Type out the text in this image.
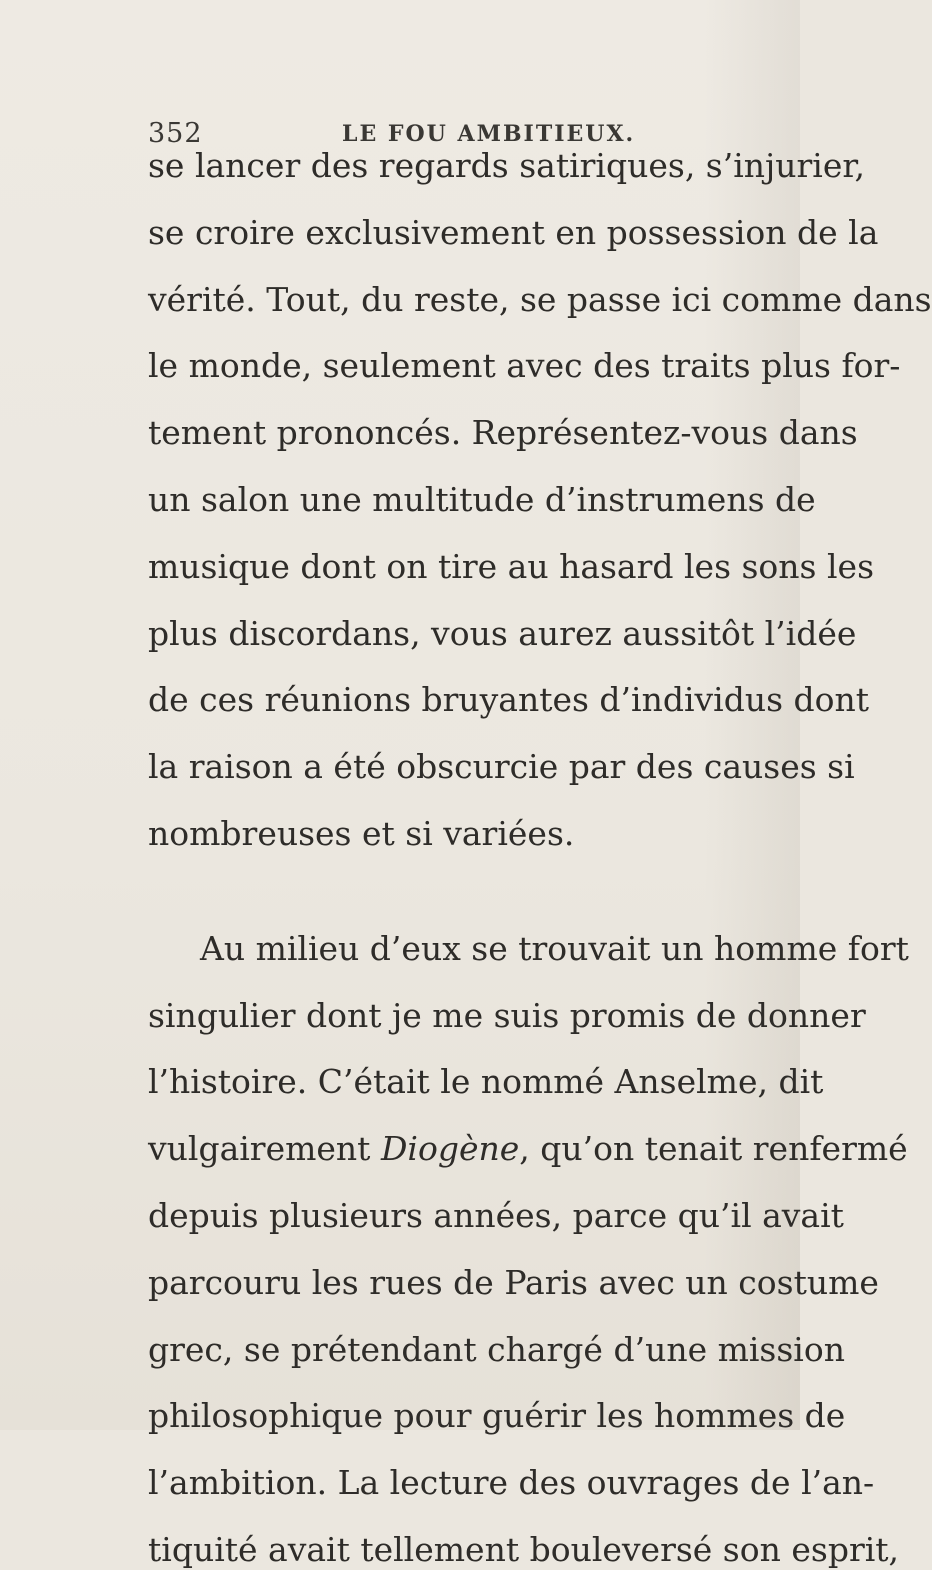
352	LE FOU AMBITIEUX.
se lancer des regards satiriques, s’injurier,
se croire exclusivement en possession de la
vérité. Tout, du reste, se passe ici comme dans
le monde, seulement avec des traits plus for-
tement prononcés. Représentez-vous dans
un salon une multitude d’instrumens de
musique dont on tire au hasard les sons les
plus discordans, vous aurez aussitôt l’idée
de ces réunions bruyantes d’individus dont
la raison a été obscurcie par des causes si
nombreuses et si variées.
Au milieu d’eux se trouvait un homme fort
singulier dont je me suis promis de donner
l’histoire. C’était le nommé Anselme, dit
vulgairement Diogène, qu’on tenait renfermé
depuis plusieurs années, parce qu’il avait
parcouru les rues de Paris avec un costume
grec, se prétendant chargé d’une mission
philosophique pour guérir les hommes de
l’ambition. La lecture des ouvrages de l’an-
tiquité avait tellement bouleversé son esprit,
